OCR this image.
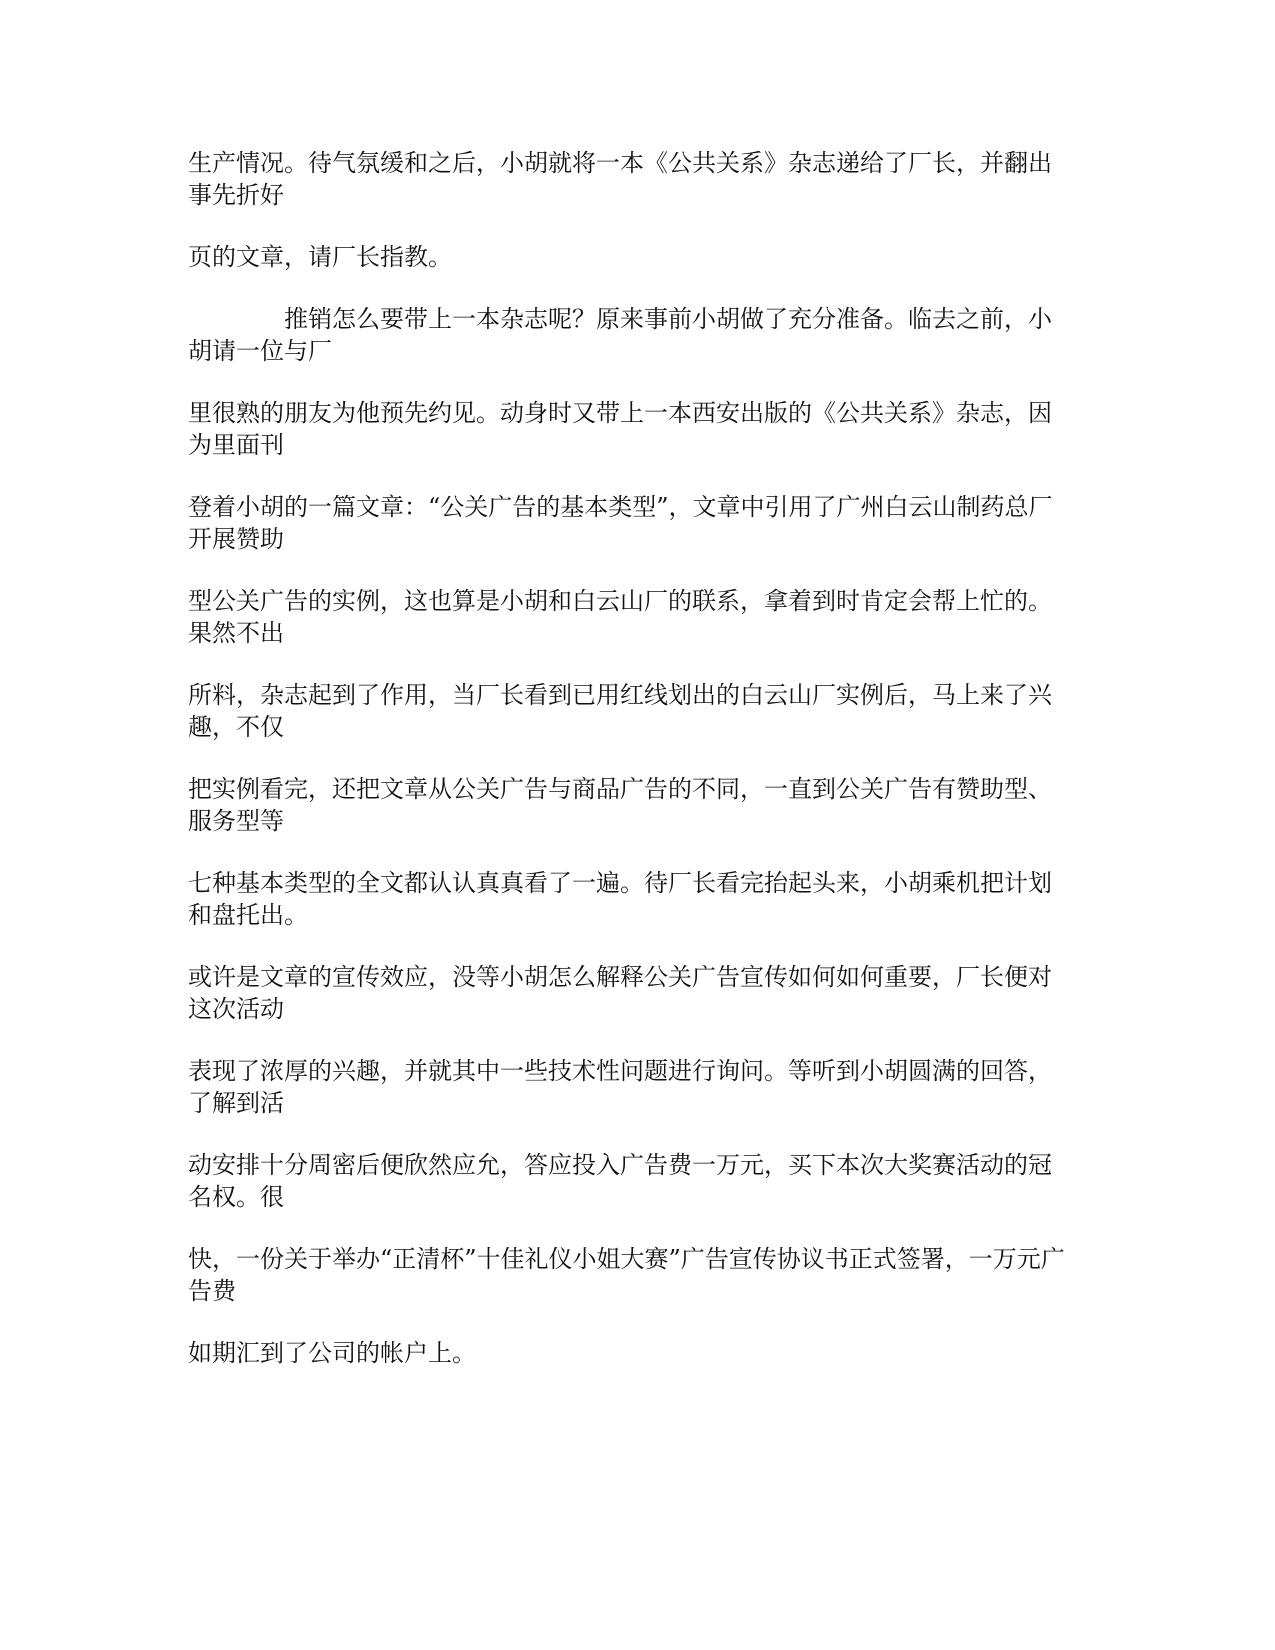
生产情况。待气氛缓和之后，小胡就将一本《公共关系》杂志递给了厂长，并翻出
事先折好

页的文章，请厂长指教。

推销怎么要带上一本杂志呢？原来事前小胡做了充分准备。临去之前，小
胡请一位与厂

里很熟的朋友为他预先约见。动身时又带上一本西安出版的《公共关系》杂志，因
为里面刊

登着小胡的一篇文章：“公关广告的基本类型”，文章中引用了广州白云山制药总厂
开展赞助

型公关广告的实例，这也算是小胡和白云山厂的联系，拿着到时肯定会帮上忙的。
果然不出

所料，杂志起到了作用，当厂长看到已用红线划出的白云山厂实例后，马上来了兴
趣，不仅

把实例看完，还把文章从公关广告与商品广告的不同，一直到公关广告有赞助型、
服务型等

七种基本类型的全文都认认真真看了一遍。待厂长看完抬起头来，小胡乘机把计划
和盘托出。

或许是文章的宣传效应，没等小胡怎么解释公关广告宣传如何如何重要，厂长便对
这次活动

表现了浓厚的兴趣，并就其中一些技术性问题进行询问。等听到小胡圆满的回答，
了解到活

动安排十分周密后便欣然应允，答应投入广告费一万元，买下本次大奖赛活动的冠
名权。很

快，一份关于举办“正清杯”十佳礼仪小姐大赛”广告宣传协议书正式签署，一万元广
告费

如期汇到了公司的帐户上。
